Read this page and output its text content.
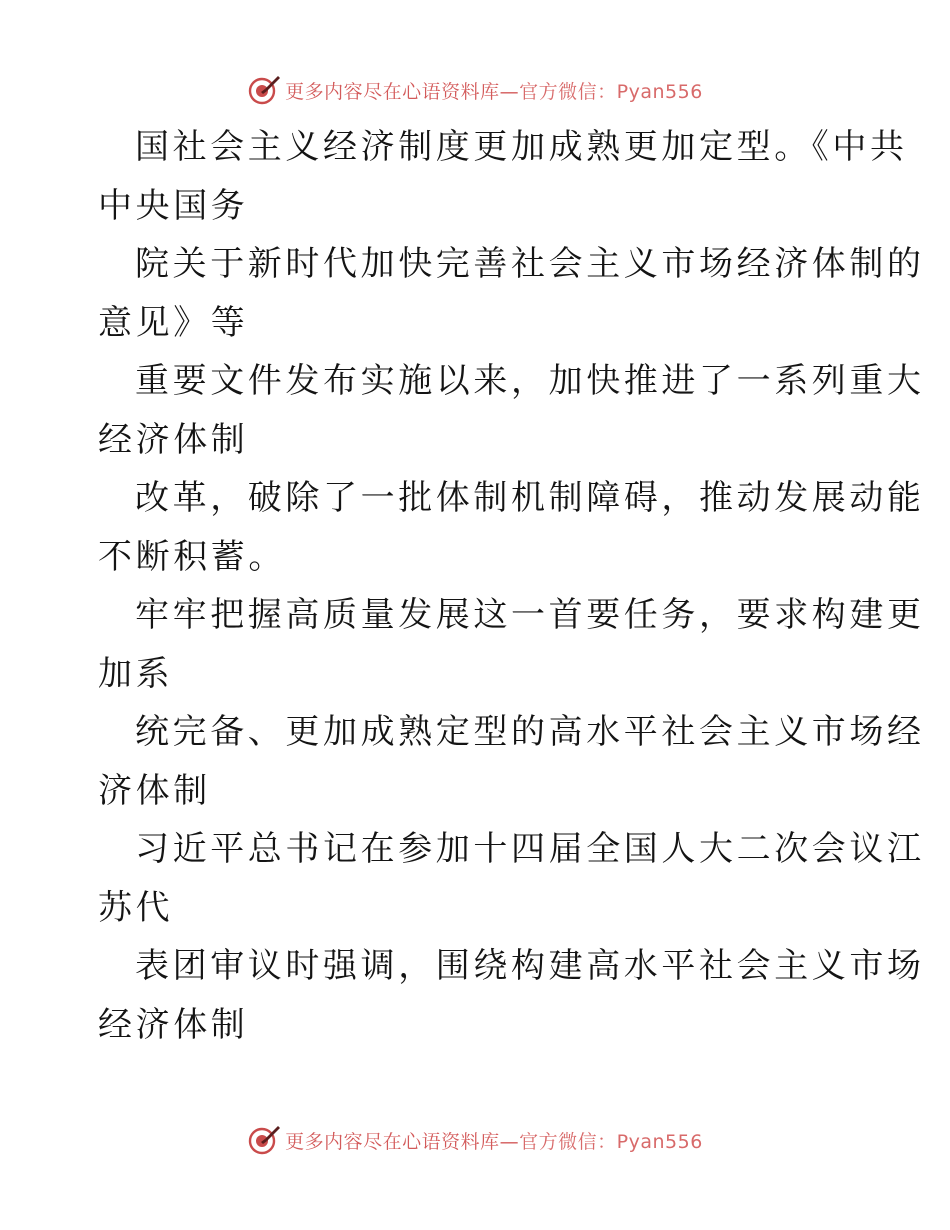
更多内容尽在心语资料库—官方微信：Pyan556

国社会主义经济制度更加成熟更加定型。《中共
中央国务

院关于新时代加快完善社会主义市场经济体制的
意见》等

重要文件发布实施以来，加快推进了一系列重大
经济体制

改革，破除了一批体制机制障碍，推动发展动能
不断积蓄。

牢牢把握高质量发展这一首要任务，要求构建更
加系

统完备、更加成熟定型的高水平社会主义市场经
济体制

习近平总书记在参加十四届全国人大二次会议江
苏代

表团审议时强调，围绕构建高水平社会主义市场
经济体制

更多内容尽在心语资料库—官方微信：Pyan556
